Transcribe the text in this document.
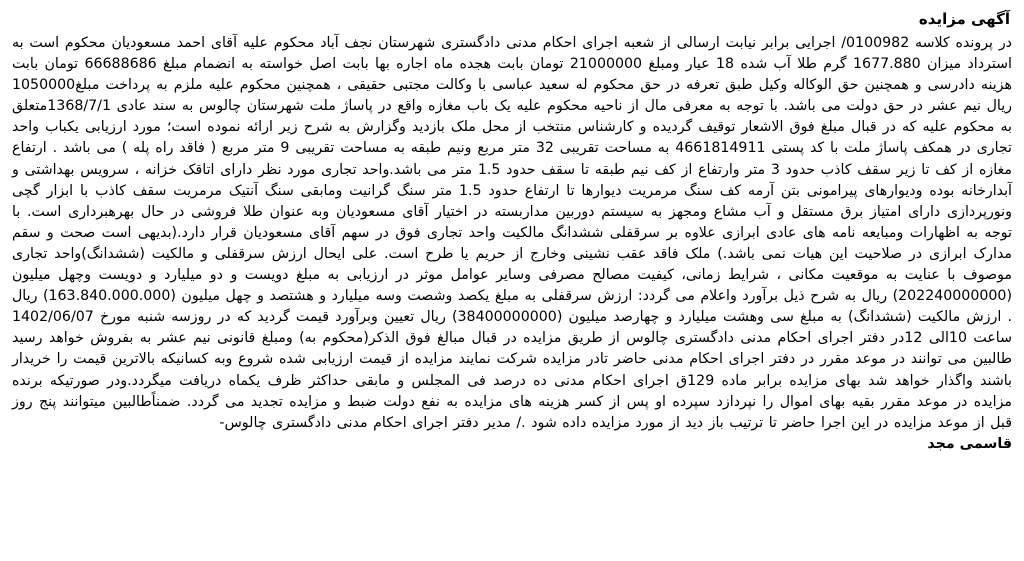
آگهی مزایده

در پرونده کلاسه 0100982/ اجرایی برابر نیابت ارسالی از شعبه اجرای احکام مدنی دادگستری شهرستان نجف آباد محکوم علیه آقای احمد مسعودیان محکوم است به استرداد میزان 1677.880 گرم طلا آب شده 18 عیار ومبلغ 21000000 تومان بابت هجده ماه اجاره بها بابت اصل خواسته به انضمام مبلغ 66688686 تومان بابت هزینه دادرسی و همچنین حق الوکاله وکیل طبق تعرفه در حق محکوم له سعید عباسی با وکالت مجتبی حقیقی ، همچنین محکوم علیه ملزم به پرداخت مبلغ1050000 ریال نیم عشر در حق دولت می باشد. با توجه به معرفی مال از ناحیه محکوم علیه یک باب مغازه واقع در پاساژ ملت شهرستان چالوس به سند عادی 1368/7/1متعلق به محکوم علیه که در قبال مبلغ فوق الاشعار توقیف گردیده و کارشناس منتخب از محل ملک بازدید وگزارش به شرح زیر ارائه نموده است؛ مورد ارزیابی یکباب واحد تجاری در همکف پاساژ ملت با کد پستی 4661814911 به مساحت تقریبی 32 متر مربع ونیم طبقه به مساحت تقریبی 9 متر مربع ( فاقد راه پله ) می باشد . ارتفاع مغازه از کف تا زیر سقف کاذب حدود 3 متر وارتفاع از کف نیم طبقه تا سقف حدود 1.5 متر می باشد.واحد تجاری مورد نظر دارای اتاقک خزانه ، سرویس بهداشتی و آبدارخانه بوده ودیوارهای پیرامونی بتن آرمه کف سنگ مرمریت دیوارها تا ارتفاع حدود 1.5 متر سنگ گرانیت ومابقی سنگ آنتیک مرمریت سقف کاذب با ابزار گچی ونورپردازی دارای امتیاز برق مستقل و آب مشاع ومجهز به سیستم دوربین مداربسته در اختیار آقای مسعودیان وبه عنوان طلا فروشی در حال بهرهبرداری است. با توجه به اظهارات ومبایعه نامه های عادی ابرازی علاوه بر سرقفلی ششدانگ مالکیت واحد تجاری فوق در سهم آقای مسعودیان قرار دارد.(بدیهی است صحت و سقم مدارک ابرازی در صلاحیت این هیات نمی باشد.) ملک فاقد عقب نشینی وخارج از حریم یا طرح است. علی ایحال ارزش سرقفلی و مالکیت (ششدانگ)واحد تجاری موصوف با عنایت به موقعیت مکانی ، شرایط زمانی، کیفیت مصالح مصرفی وسایر عوامل موثر در ارزیابی به مبلغ دویست و دو میلیارد و دویست وچهل میلیون (202240000000) ریال به شرح ذیل برآورد واعلام می گردد: ارزش سرقفلی به مبلغ یکصد وشصت وسه میلیارد و هشتصد و چهل میلیون (163.840.000.000) ریال . ارزش مالکیت (ششدانگ) به مبلغ سی وهشت میلیارد و چهارصد میلیون (38400000000) ریال تعیین وبرآورد قیمت گردید که در روزسه شنبه مورخ 1402/06/07 ساعت 10الی 12در دفتر اجرای احکام مدنی دادگستری چالوس از طریق مزایده در قبال مبالغ فوق الذکر(محکوم به) ومبلغ قانونی نیم عشر به بفروش خواهد رسید طالبین می توانند در موعد مقرر در دفتر اجرای احکام مدنی حاضر تادر مزایده شرکت نمایند مزایده از قیمت ارزیابی شده شروع وبه کسانیکه بالاترین قیمت را خریدار باشند واگذار خواهد شد بهای مزایده برابر ماده 129ق اجرای احکام مدنی ده درصد فی المجلس و مابقی حداکثر ظرف یکماه دریافت میگردد.ودر صورتیکه برنده مزایده در موعد مقرر بقیه بهای اموال را نپردازد سپرده او پس از کسر هزینه های مزایده به نفع دولت ضبط و مزایده تجدید می گردد. ضمناًطالبین میتوانند پنج روز قبل از موعد مزایده در این اجرا حاضر تا ترتیب باز دید از مورد مزایده داده شود ./ مدیر دفتر اجرای احکام مدنی دادگستری چالوس-

قاسمی مجد
